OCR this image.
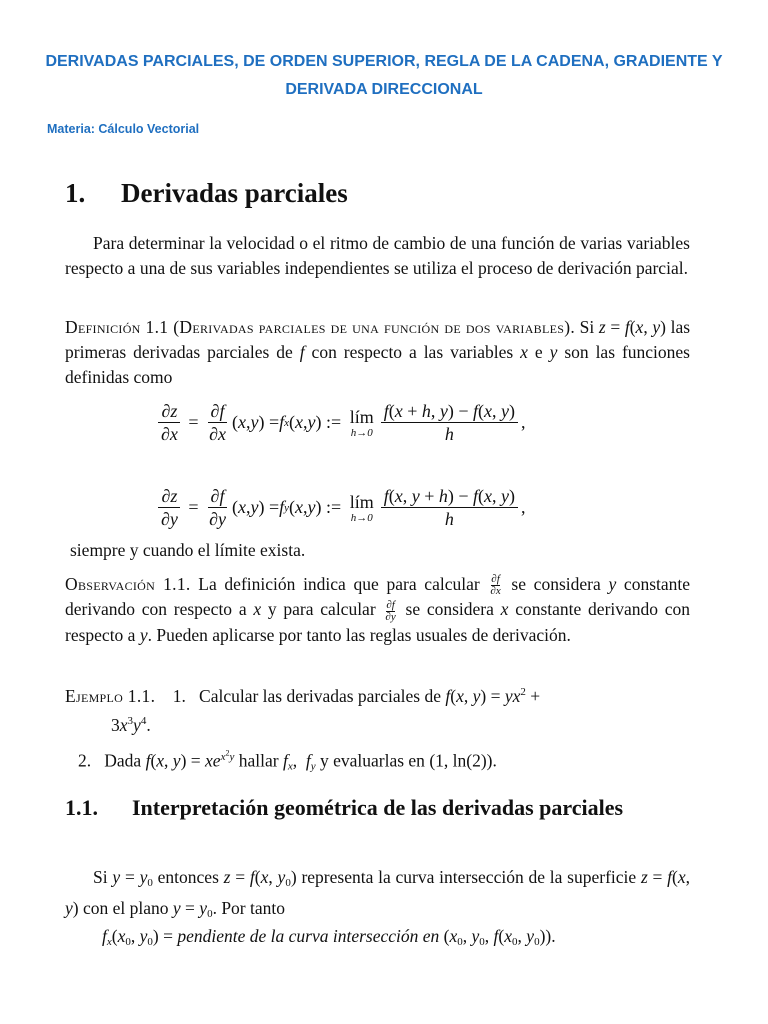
DERIVADAS PARCIALES, DE ORDEN SUPERIOR, REGLA DE LA CADENA, GRADIENTE Y DERIVADA DIRECCIONAL
Materia: Cálculo Vectorial
1. Derivadas parciales
Para determinar la velocidad o el ritmo de cambio de una función de varias variables respecto a una de sus variables independientes se utiliza el proceso de derivación parcial.
Definición 1.1 (Derivadas parciales de una función de dos variables). Si z = f(x, y) las primeras derivadas parciales de f con respecto a las variables x e y son las funciones definidas como
$\frac{\partial z}{\partial x} = \frac{\partial f}{\partial x}$ ( x , y ) = f x ( x , y ) := lím
$h\to 0 \frac{f(x + h, y) - f(x, y)}{h}$ ,
$\frac{\partial z}{\partial y} = \frac{\partial f}{\partial y}$ ( x , y ) = f y ( x , y ) := lím
$h\to 0 \frac{f(x, y + h) - f(x, y)}{h}$ ,
siempre y cuando el límite exista.
Observación 1.1. La definición indica que para calcular $\frac{\partial f}{\partial x}$ se considera y constante derivando con respecto a x y para calcular $\frac{\partial f}{\partial y}$ se considera x constante derivando con respecto a y. Pueden aplicarse por tanto las reglas usuales de derivación.
Ejemplo 1.1. 1. Calcular las derivadas parciales de f(x, $y) = yx^2$ +
$3x^3y^4$.
2. Dada f(x, $y) = xe^{x^2y}$ hallar fx,  fy y evaluarlas en (1, ln(2)).
1.1. Interpretación geométrica de las derivadas parciales
Si y = y0 entonces z = f(x, y0) representa la curva intersección de la superficie z = f(x, y) con el plano y = y0. Por tanto
fx(x0, y0) = pendiente de la curva intersección en (x0, y0, f(x0, y0)).
